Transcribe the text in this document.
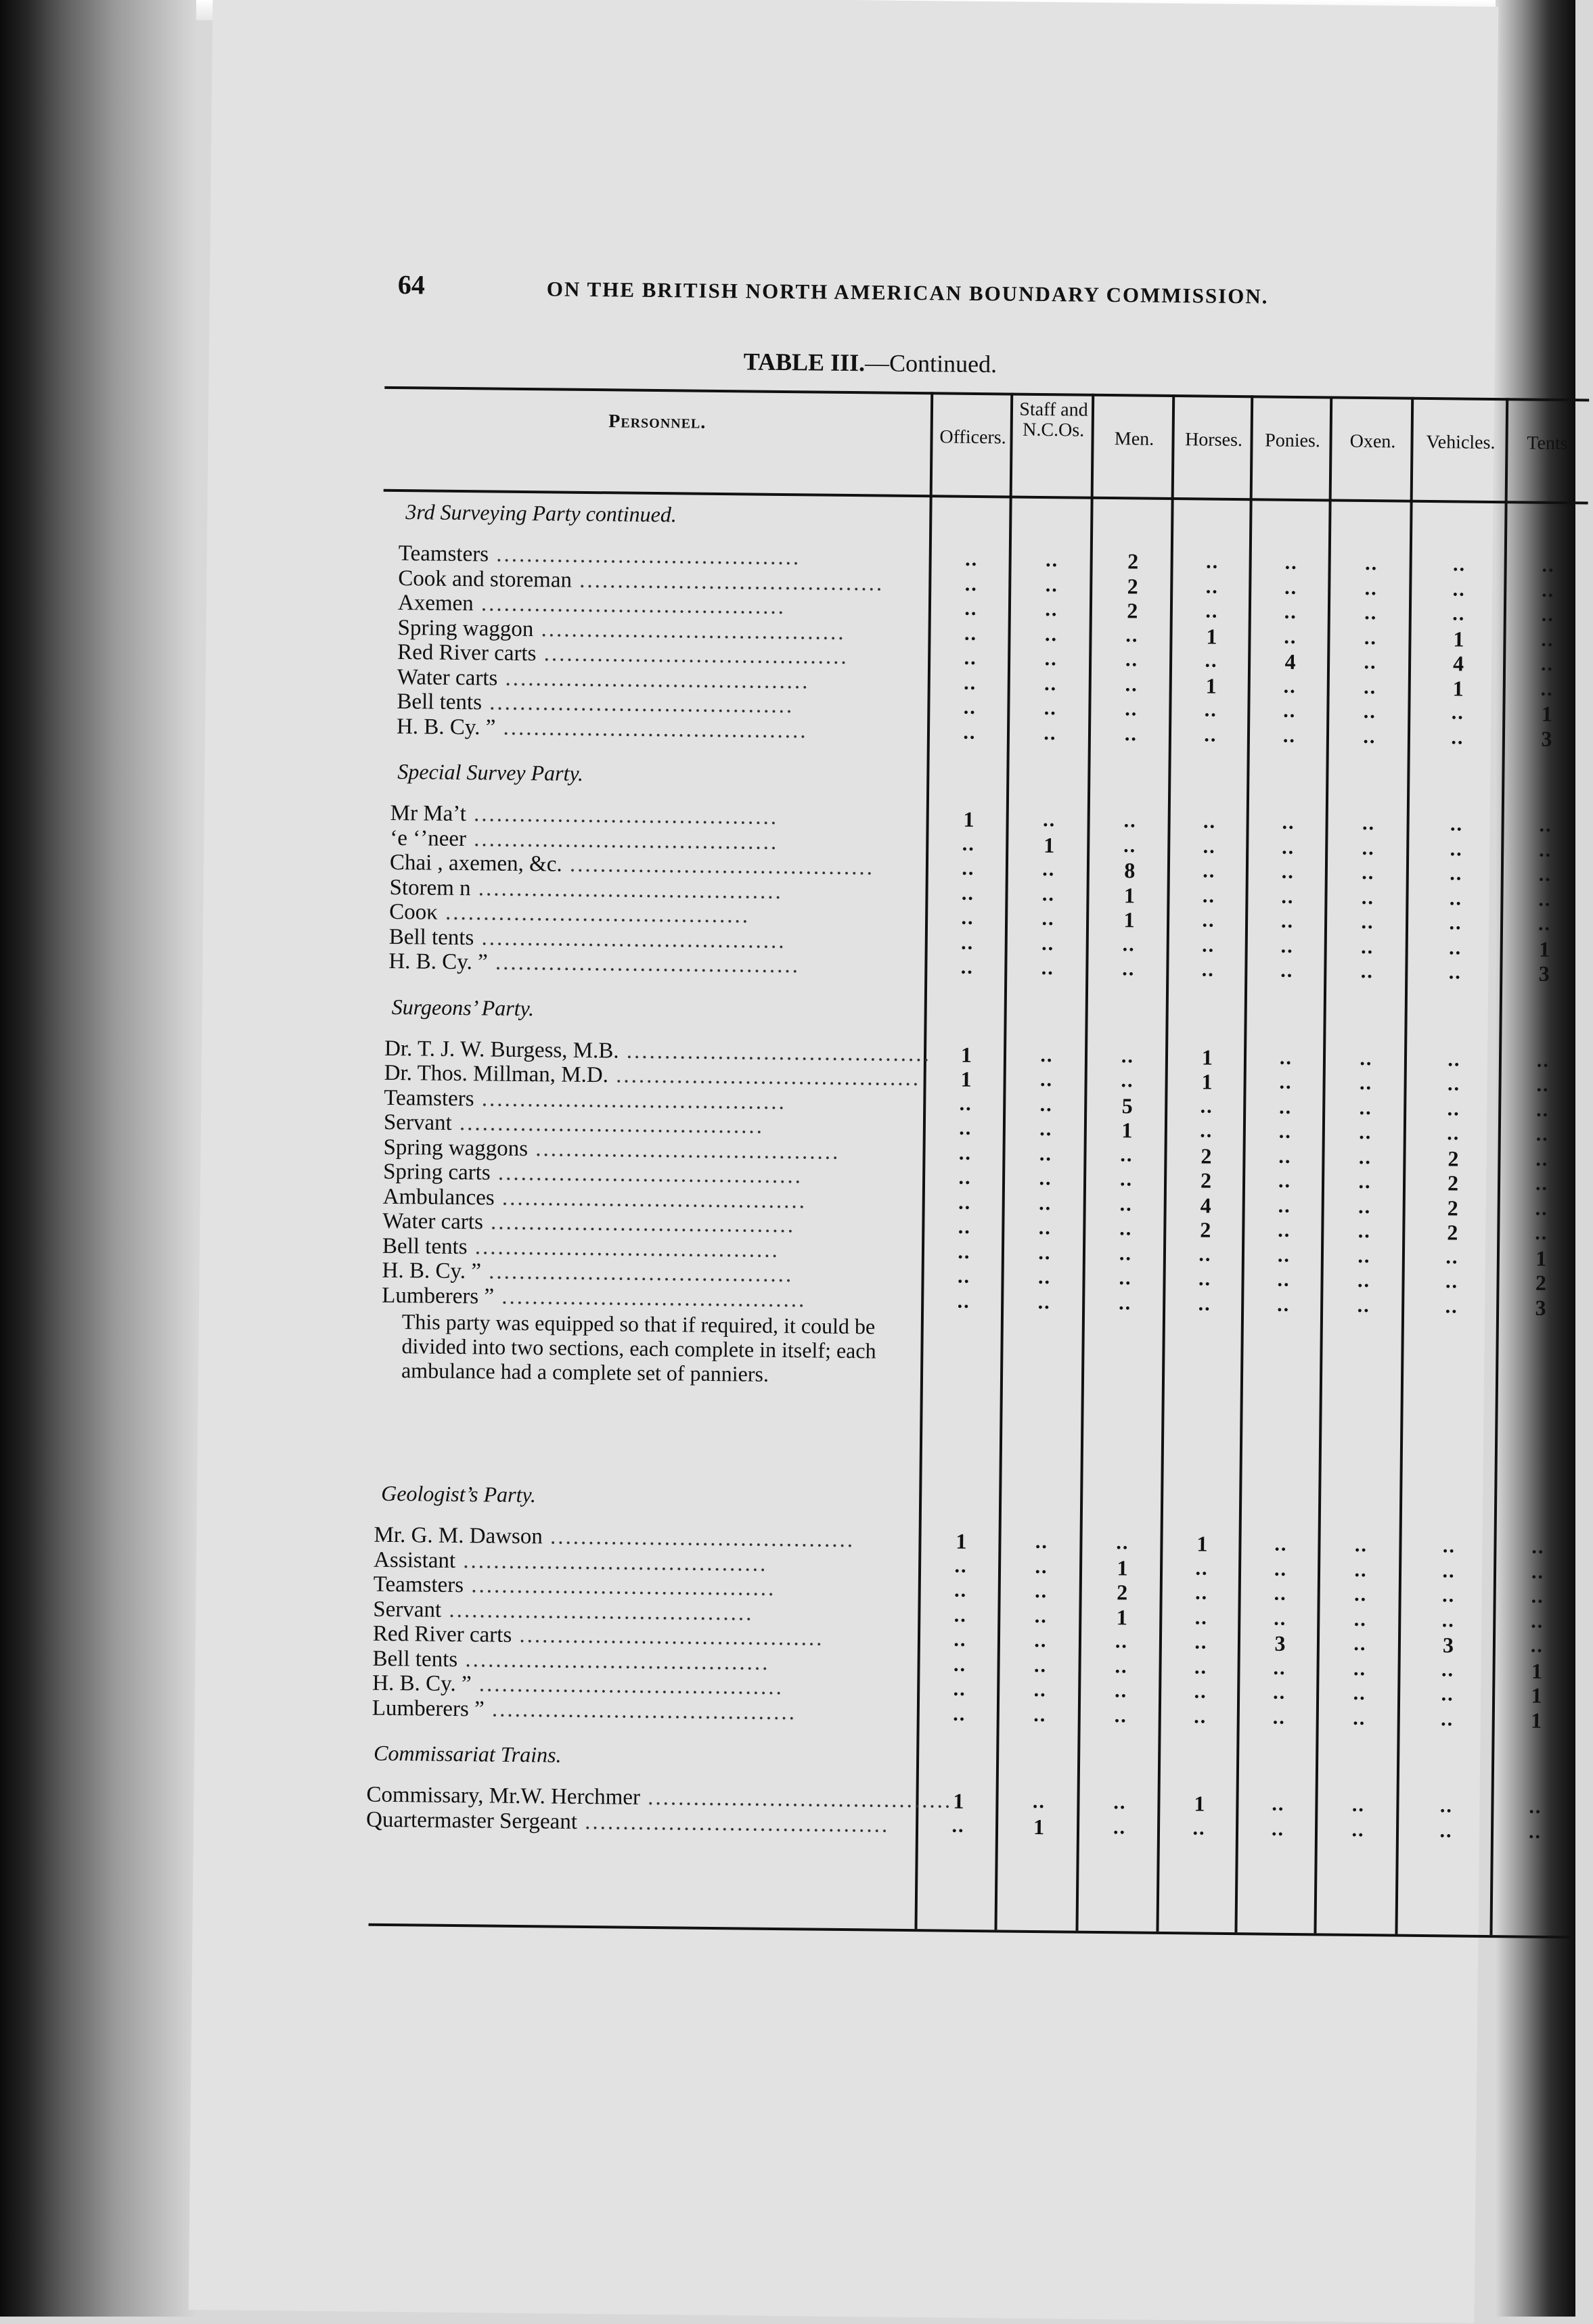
64	ON THE BRITISH NORTH AMERICAN BOUNDARY COMMISSION.
TABLE III.—Continued.
Personnel.
Officers.
Staff and N.C.Os.	Men.	Horses.	Ponies.	Oxen.	Vehicles.	Tents.
3rd Surveying Party continued.
Teamsters ........................................	..	..	2	..	..	..	..	..
Cook and storeman ........................................	..	..	2	..	..	..	..	..
Axemen ........................................	..	..	2	..	..	..	..	..
Spring waggon ........................................	..	..	..	1	..	..	1	..
Red River carts ........................................	..	..	..	..	4	..	4	..
Water carts ........................................	..	..	..	1	..	..	1	..
Bell tents ........................................	..	..	..	..	..	..	..	1
H. B. Cy. ” ........................................	..	..	..	..	..	..	..	3
Special Survey Party.
Mr Ma’t ........................................	1	..	..	..	..	..	..	..
‘e ‘’neer ........................................	..	1	..	..	..	..	..	..
Chai , axemen, &c. ........................................	..	..	8	..	..	..	..	..
Storem n ........................................	..	..	1	..	..	..	..	..
Cooκ ........................................	..	..	1	..	..	..	..	..
Bell tents ........................................	..	..	..	..	..	..	..	1
H. B. Cy. ” ........................................	..	..	..	..	..	..	..	3
Surgeons’ Party.
Dr. T. J. W. Burgess, M.B. ........................................	1	..	..	1	..	..	..	..
Dr. Thos. Millman, M.D. ........................................	1	..	..	1	..	..	..	..
Teamsters ........................................	..	..	5	..	..	..	..	..
Servant ........................................	..	..	1	..	..	..	..	..
Spring waggons ........................................	..	..	..	2	..	..	2	..
Spring carts ........................................	..	..	..	2	..	..	2	..
Ambulances ........................................	..	..	..	4	..	..	2	..
Water carts ........................................	..	..	..	2	..	..	2	..
Bell tents ........................................	..	..	..	..	..	..	..	1
H. B. Cy. ” ........................................	..	..	..	..	..	..	..	2
Lumberers ” ........................................	..	..	..	..	..	..	..	3
This party was equipped so that if required, it could be divided into two sections, each complete in itself; each ambulance had a complete set of panniers.
Geologist’s Party.
Mr. G. M. Dawson ........................................	1	..	..	1	..	..	..	..
Assistant ........................................	..	..	1	..	..	..	..	..
Teamsters ........................................	..	..	2	..	..	..	..	..
Servant ........................................	..	..	1	..	..	..	..	..
Red River carts ........................................	..	..	..	..	3	..	3	..
Bell tents ........................................	..	..	..	..	..	..	..	1
H. B. Cy. ” ........................................	..	..	..	..	..	..	..	1
Lumberers ” ........................................	..	..	..	..	..	..	..	1
Commissariat Trains.
Commissary, Mr.W. Herchmer ........................................ 1	..	..	1	..	..	..	..
Quartermaster Sergeant ........................................	..	1	..	..	..	..	..	..
